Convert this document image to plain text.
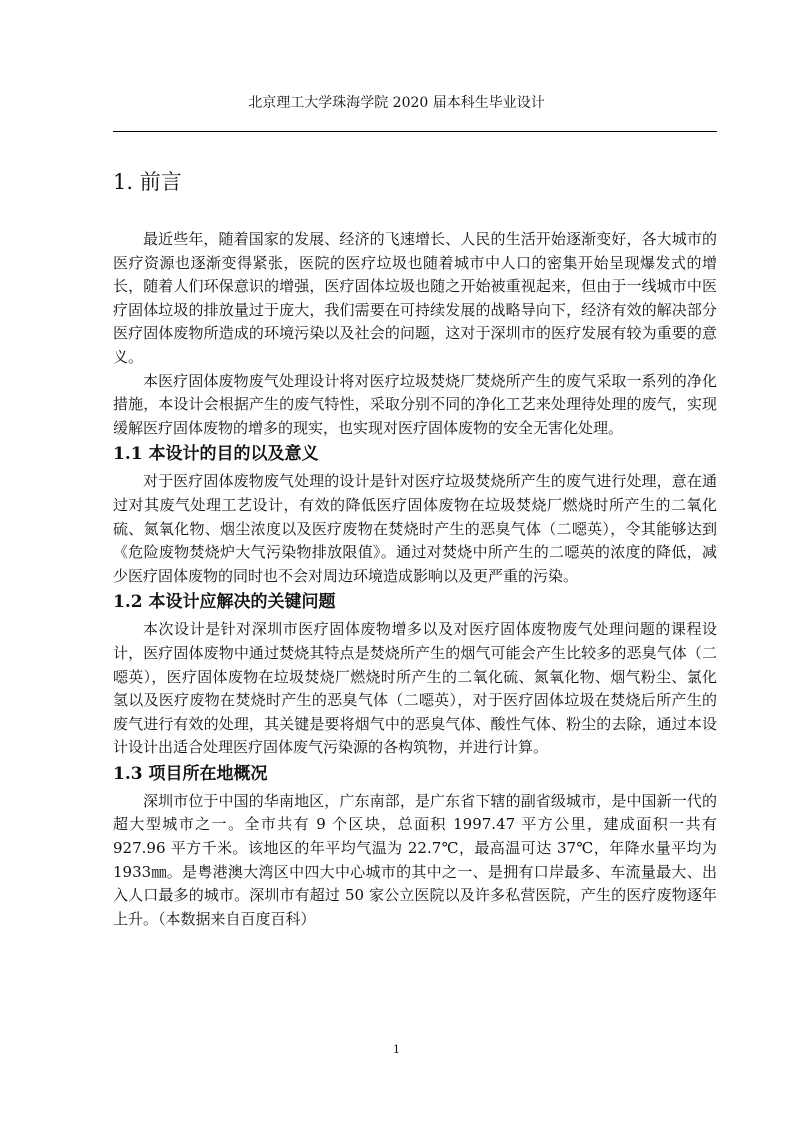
北京理工大学珠海学院 2020 届本科生毕业设计
1. 前言

最近些年，随着国家的发展、经济的飞速增长、人民的生活开始逐渐变好，各大城市的医疗资源也逐渐变得紧张，医院的医疗垃圾也随着城市中人口的密集开始呈现爆发式的增长，随着人们环保意识的增强，医疗固体垃圾也随之开始被重视起来，但由于一线城市中医疗固体垃圾的排放量过于庞大，我们需要在可持续发展的战略导向下，经济有效的解决部分医疗固体废物所造成的环境污染以及社会的问题，这对于深圳市的医疗发展有较为重要的意义。

本医疗固体废物废气处理设计将对医疗垃圾焚烧厂焚烧所产生的废气采取一系列的净化措施，本设计会根据产生的废气特性，采取分别不同的净化工艺来处理待处理的废气，实现缓解医疗固体废物的增多的现实，也实现对医疗固体废物的安全无害化处理。

1.1 本设计的目的以及意义

对于医疗固体废物废气处理的设计是针对医疗垃圾焚烧所产生的废气进行处理，意在通过对其废气处理工艺设计，有效的降低医疗固体废物在垃圾焚烧厂燃烧时所产生的二氧化硫、氮氧化物、烟尘浓度以及医疗废物在焚烧时产生的恶臭气体（二噁英），令其能够达到《危险废物焚烧炉大气污染物排放限值》。通过对焚烧中所产生的二噁英的浓度的降低，减少医疗固体废物的同时也不会对周边环境造成影响以及更严重的污染。

1.2 本设计应解决的关键问题

本次设计是针对深圳市医疗固体废物增多以及对医疗固体废物废气处理问题的课程设计，医疗固体废物中通过焚烧其特点是焚烧所产生的烟气可能会产生比较多的恶臭气体（二噁英），医疗固体废物在垃圾焚烧厂燃烧时所产生的二氧化硫、氮氧化物、烟气粉尘、氯化氢以及医疗废物在焚烧时产生的恶臭气体（二噁英），对于医疗固体垃圾在焚烧后所产生的废气进行有效的处理，其关键是要将烟气中的恶臭气体、酸性气体、粉尘的去除，通过本设计设计出适合处理医疗固体废气污染源的各构筑物，并进行计算。

1.3 项目所在地概况

深圳市位于中国的华南地区，广东南部，是广东省下辖的副省级城市，是中国新一代的超大型城市之一。全市共有 9 个区块，总面积 1997.47 平方公里，建成面积一共有 927.96 平方千米。该地区的年平均气温为 22.7℃，最高温可达 37℃，年降水量平均为 1933㎜。是粤港澳大湾区中四大中心城市的其中之一、是拥有口岸最多、车流量最大、出入人口最多的城市。深圳市有超过 50 家公立医院以及许多私营医院，产生的医疗废物逐年上升。（本数据来自百度百科）

1
